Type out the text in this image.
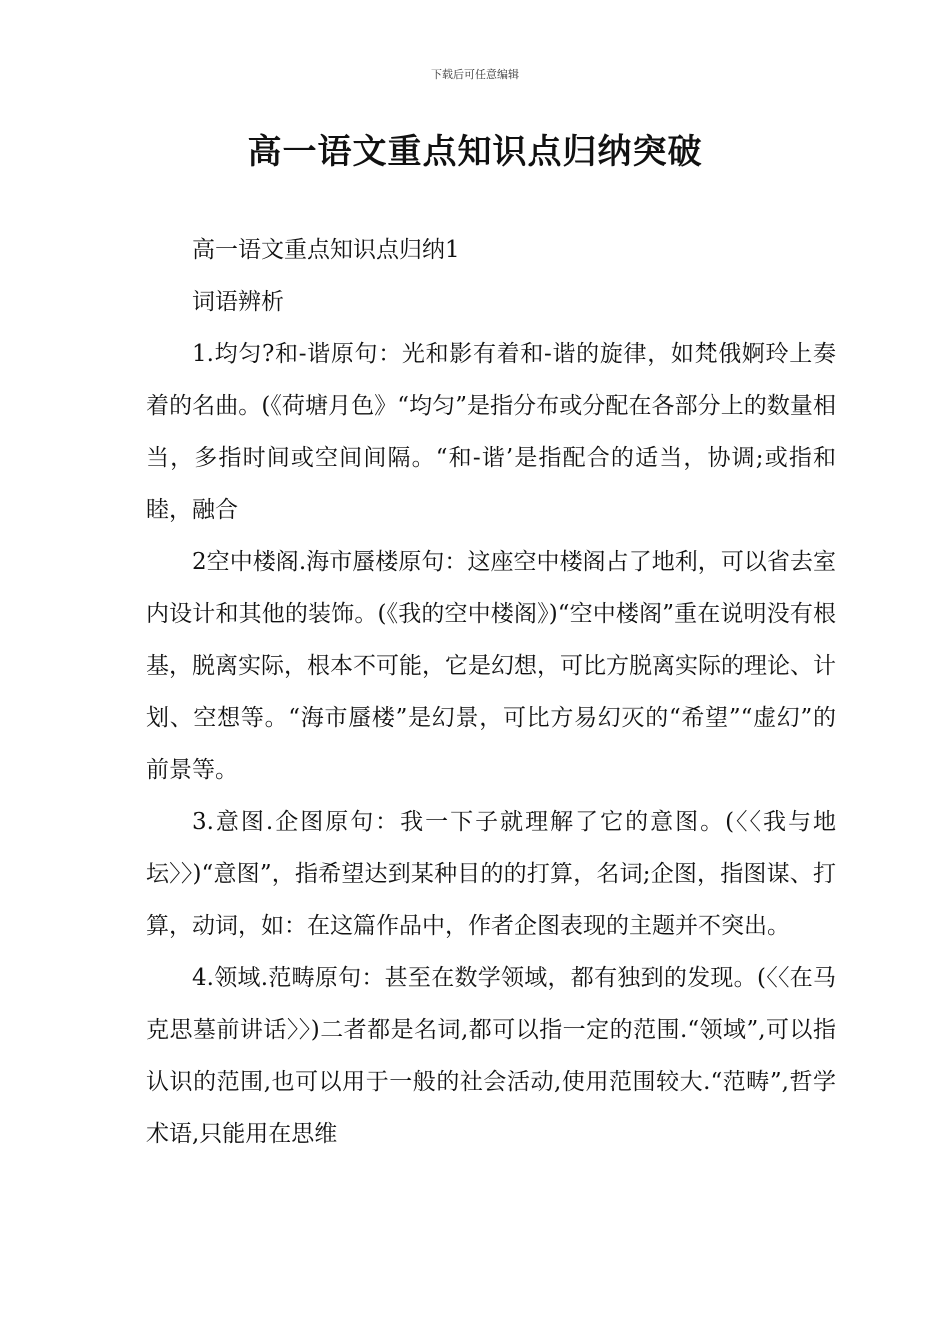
下载后可任意编辑
高一语文重点知识点归纳突破

高一语文重点知识点归纳1

词语辨析

1.均匀?和-谐原句：光和影有着和-谐的旋律，如梵俄婀玲上奏着的名曲。(《荷塘月色》“均匀”是指分布或分配在各部分上的数量相当，多指时间或空间间隔。“和-谐’是指配合的适当，协调;或指和睦，融合

2空中楼阁.海市蜃楼原句：这座空中楼阁占了地利，可以省去室内设计和其他的装饰。(《我的空中楼阁》)“空中楼阁”重在说明没有根基，脱离实际，根本不可能，它是幻想，可比方脱离实际的理论、计划、空想等。“海市蜃楼”是幻景，可比方易幻灭的“希望”“虚幻”的前景等。

3.意图.企图原句：我一下子就理解了它的意图。(〈〈我与地坛〉〉)“意图”，指希望达到某种目的的打算，名词;企图，指图谋、打算，动词，如：在这篇作品中，作者企图表现的主题并不突出。

4.领域.范畴原句：甚至在数学领域，都有独到的发现。(〈〈在马克思墓前讲话〉〉)二者都是名词,都可以指一定的范围.“领域”,可以指认识的范围,也可以用于一般的社会活动,使用范围较大.“范畴”,哲学术语,只能用在思维
